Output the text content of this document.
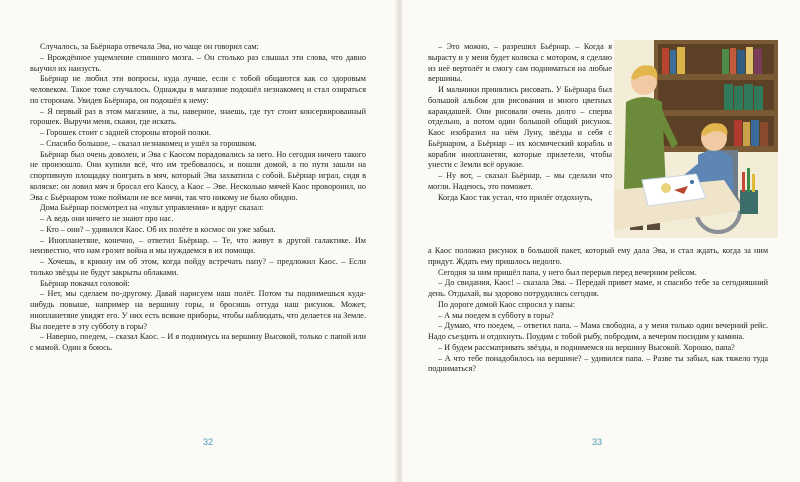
Случалось, за Бьёрнара отвечала Эва, но чаще он говорил сам:

– Врождённое ущемление спинного мозга. – Он столько раз слышал эти слова, что давно выучил их наизусть.

Бьёрнар не любил эти вопросы, куда лучше, если с тобой общаются как со здоровым человеком. Такое тоже случалось. Однажды в магазине подошёл незнакомец и стал озираться по сторонам. Увидев Бьёрнара, он подошёл к нему:

– Я первый раз в этом магазине, а ты, наверное, знаешь, где тут стоит консервированный горошек. Выручи меня, скажи, где искать.

– Горошек стоит с задней стороны второй полки.

– Спасибо большое, – сказал незнакомец и ушёл за горошком.

Бьёрнар был очень доволен, и Эва с Каосом порадовались за него. Но сегодня ничего такого не произошло. Они купили всё, что им требовалось, и пошли домой, а по пути зашли на спортивную площадку поиграть в мяч, который Эва захватила с собой. Бьёрнар играл, сидя в коляске: он ловил мяч и бросал его Каосу, а Каос – Эве. Несколько мячей Каос проворонил, но Эва с Бьёрнаром тоже поймали не все мячи, так что никому не было обидно.

Дома Бьёрнар посмотрел на «пульт управления» и вдруг сказал:

– А ведь они ничего не знают про нас.

– Кто – они? – удивился Каос. Об их полёте в космос он уже забыл.

– Инопланетяне, конечно, – ответил Бьёрнар. – Те, что живут в другой галактике. Им неизвестно, что нам грозит война и мы нуждаемся в их помощи.

– Хочешь, я крикну им об этом, когда пойду встречать папу? – предложил Каос. – Если только звёзды не будут закрыты облаками.

Бьёрнар покачал головой:

– Нет, мы сделаем по-другому. Давай нарисуем наш полёт. Потом ты поднимешься куда-нибудь повыше, например на вершину горы, и бросишь оттуда наш рисунок. Может, инопланетяне увидят его. У них есть всякие приборы, чтобы наблюдать, что делается на Земле. Вы поедете в эту субботу в горы?

– Наверно, поедем, – сказал Каос. – И я поднимусь на вершину Высокой, только с папой или с мамой. Один я боюсь.

32

– Это можно, – разрешил Бьёрнар. – Когда я вырасту и у меня будет коляска с мотором, я сделаю из неё вертолёт и смогу сам подниматься на любые вершины.

И мальчики принялись рисовать. У Бьёрнара был большой альбом для рисования и много цветных карандашей. Они рисовали очень долго – сперва отдельно, а потом один большой общий рисунок. Каос изобразил на нём Луну, звёзды и себя с Бьёрнаром, а Бьёрнар – их космический корабль и корабли инопланетян, которые прилетели, чтобы унести с Земли всё оружие.

– Ну вот, – сказал Бьёрнар, – мы сделали что могли. Надеюсь, это поможет.

Когда Каос так устал, что прилёг отдохнуть,

а Каос положил рисунок в большой пакет, который ему дала Эва, и стал ждать, когда за ним придут. Ждать ему пришлось недолго.

Сегодня за ним пришёл папа, у него был перерыв перед вечерним рейсом.

– До свидания, Каос! – сказала Эва. – Передай привет маме, и спасибо тебе за сегодняшний день. Отдыхай, вы здорово потрудились сегодня.

По дороге домой Каос спросил у папы:

– А мы поедем в субботу в горы?

– Думаю, что поедем, – ответил папа. – Мама свободна, а у меня только один вечерний рейс. Надо съездить и отдохнуть. Поудим с тобой рыбу, побродим, а вечером посидим у камина.

– И будем рассматривать звёзды, и поднимемся на вершину Высокой. Хорошо, папа?

– А что тебе понадобилось на вершине? – удивился папа. – Разве ты забыл, как тяжело туда подниматься?

33
